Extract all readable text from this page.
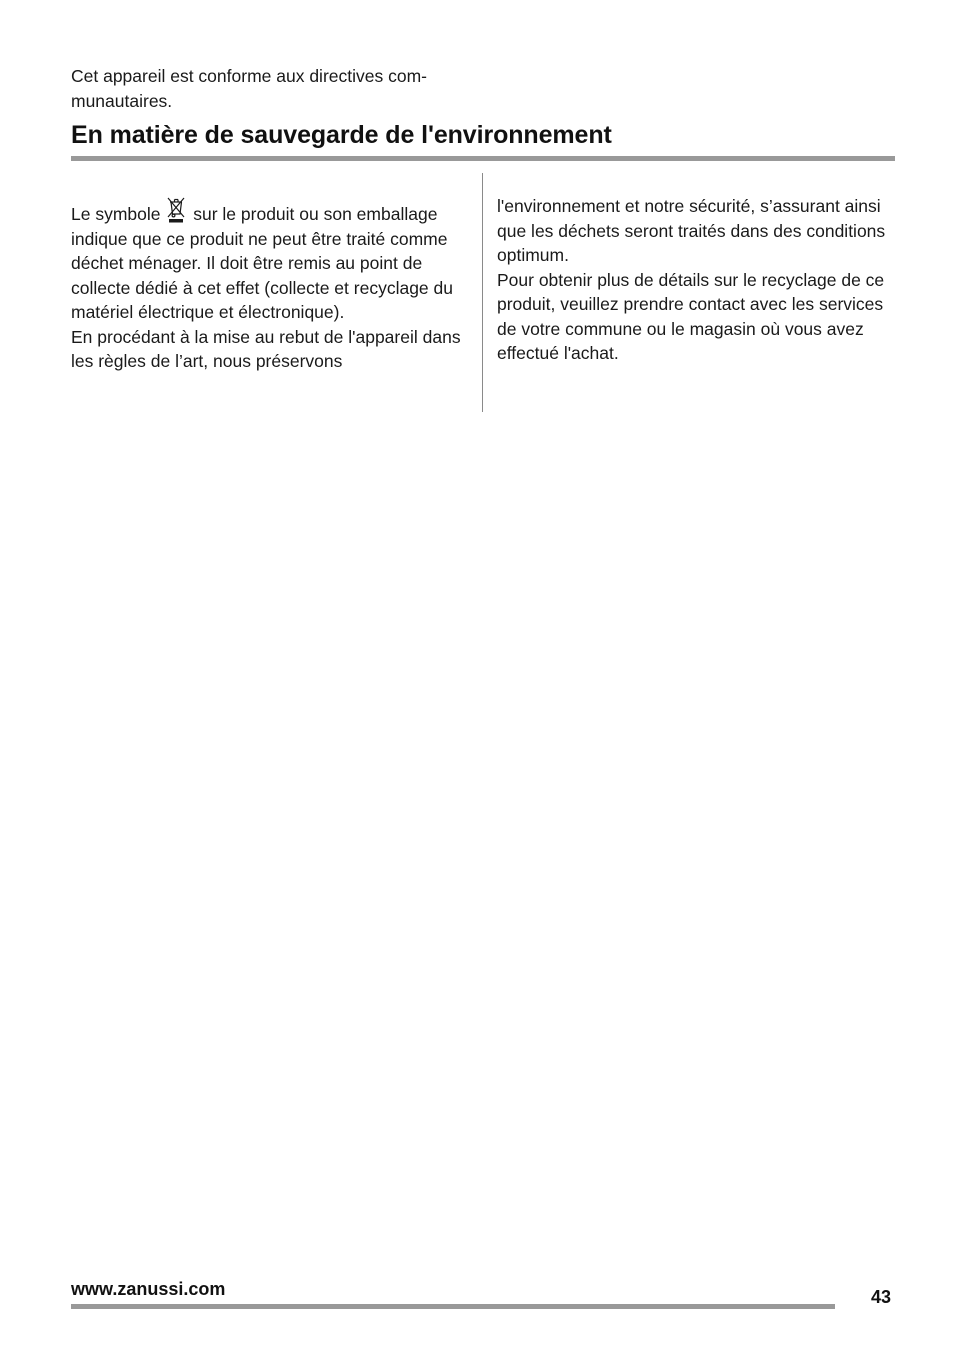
Cet appareil est conforme aux directives com-
munautaires.

En matière de sauvegarde de l'environnement

Le symbole sur le produit ou son emballage indique que ce produit ne peut être traité comme déchet ménager. Il doit être remis au point de collecte dédié à cet effet (collecte et recyclage du matériel électrique et électronique).

En procédant à la mise au rebut de l'appareil dans les règles de l’art, nous préservons

l'environnement et notre sécurité, s’assurant ainsi que les déchets seront traités dans des conditions optimum.

Pour obtenir plus de détails sur le recyclage de ce produit, veuillez prendre contact avec les services de votre commune ou le magasin où vous avez effectué l'achat.

www.zanussi.com	43
